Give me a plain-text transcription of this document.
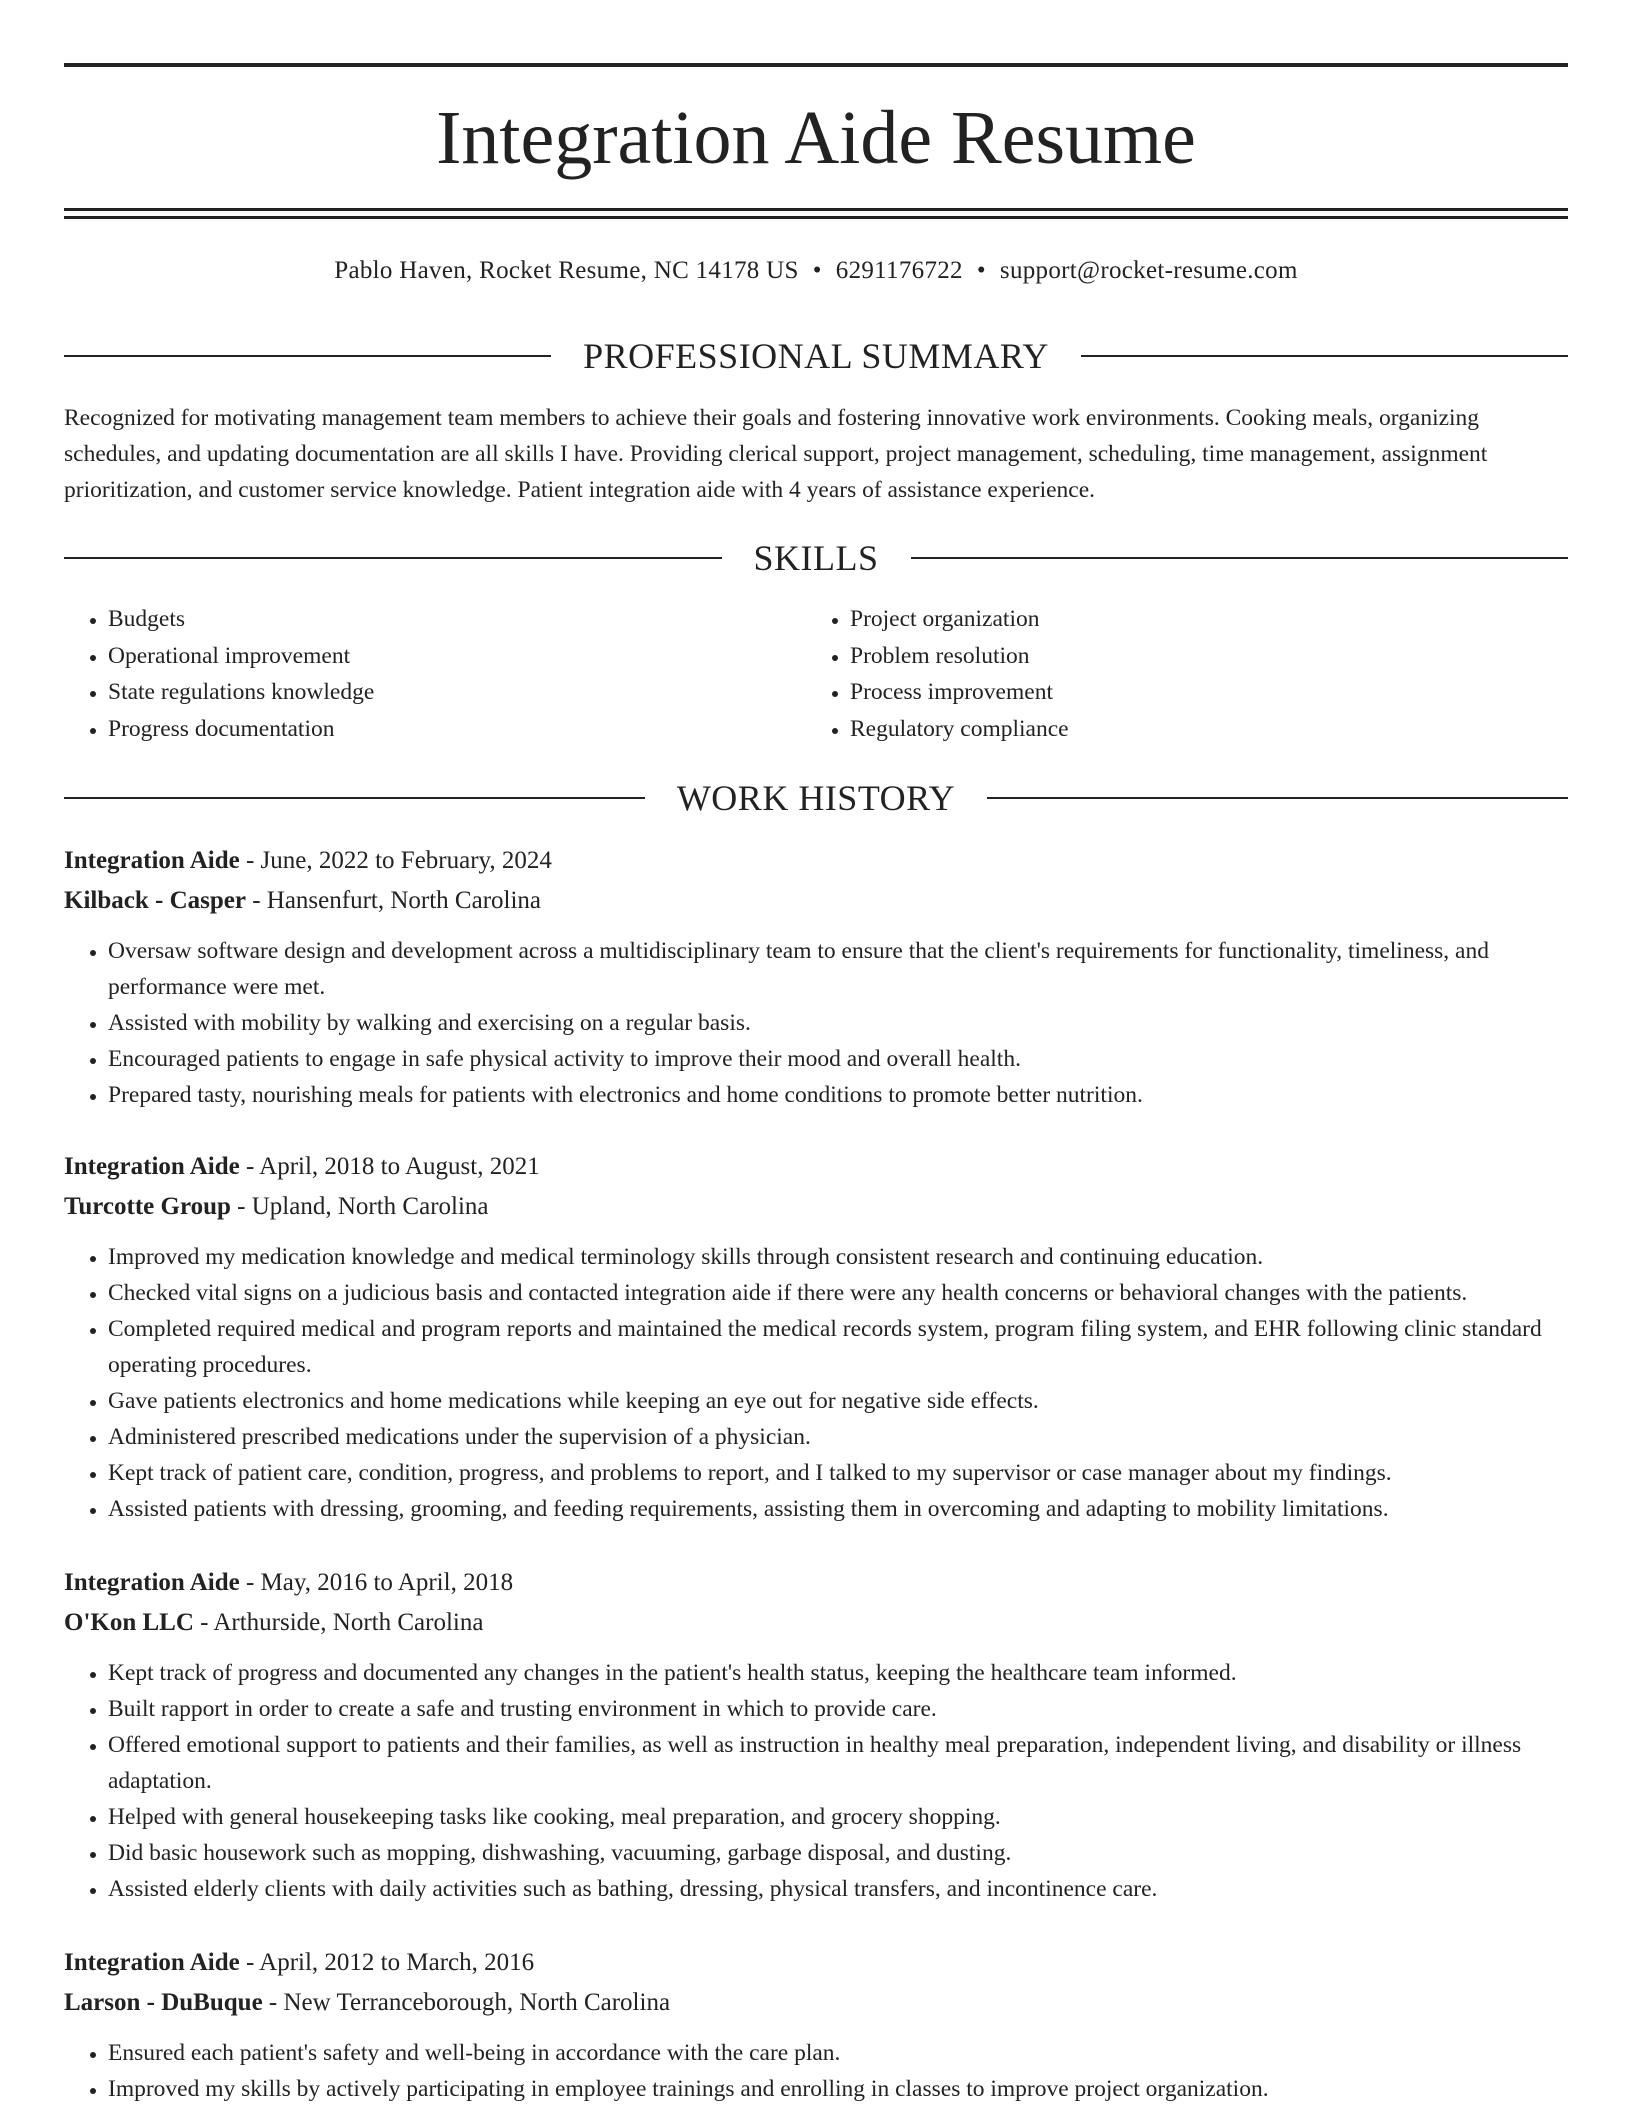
Integration Aide Resume
Pablo Haven, Rocket Resume, NC 14178 US • 6291176722 • support@rocket-resume.com
PROFESSIONAL SUMMARY

Recognized for motivating management team members to achieve their goals and fostering innovative work environments. Cooking meals, organizing schedules, and updating documentation are all skills I have. Providing clerical support, project management, scheduling, time management, assignment prioritization, and customer service knowledge. Patient integration aide with 4 years of assistance experience.

SKILLS
• Budgets
• Operational improvement
• State regulations knowledge
• Progress documentation
• Project organization
• Problem resolution
• Process improvement
• Regulatory compliance
WORK HISTORY
Integration Aide - June, 2022 to February, 2024
Kilback - Casper - Hansenfurt, North Carolina
• Oversaw software design and development across a multidisciplinary team to ensure that the client's requirements for functionality, timeliness, and performance were met.
• Assisted with mobility by walking and exercising on a regular basis.
• Encouraged patients to engage in safe physical activity to improve their mood and overall health.
• Prepared tasty, nourishing meals for patients with electronics and home conditions to promote better nutrition.
Integration Aide - April, 2018 to August, 2021
Turcotte Group - Upland, North Carolina
• Improved my medication knowledge and medical terminology skills through consistent research and continuing education.
• Checked vital signs on a judicious basis and contacted integration aide if there were any health concerns or behavioral changes with the patients.
• Completed required medical and program reports and maintained the medical records system, program filing system, and EHR following clinic standard operating procedures.
• Gave patients electronics and home medications while keeping an eye out for negative side effects.
• Administered prescribed medications under the supervision of a physician.
• Kept track of patient care, condition, progress, and problems to report, and I talked to my supervisor or case manager about my findings.
• Assisted patients with dressing, grooming, and feeding requirements, assisting them in overcoming and adapting to mobility limitations.
Integration Aide - May, 2016 to April, 2018
O'Kon LLC - Arthurside, North Carolina
• Kept track of progress and documented any changes in the patient's health status, keeping the healthcare team informed.
• Built rapport in order to create a safe and trusting environment in which to provide care.
• Offered emotional support to patients and their families, as well as instruction in healthy meal preparation, independent living, and disability or illness adaptation.
• Helped with general housekeeping tasks like cooking, meal preparation, and grocery shopping.
• Did basic housework such as mopping, dishwashing, vacuuming, garbage disposal, and dusting.
• Assisted elderly clients with daily activities such as bathing, dressing, physical transfers, and incontinence care.
Integration Aide - April, 2012 to March, 2016
Larson - DuBuque - New Terranceborough, North Carolina
• Ensured each patient's safety and well-being in accordance with the care plan.
• Improved my skills by actively participating in employee trainings and enrolling in classes to improve project organization.
